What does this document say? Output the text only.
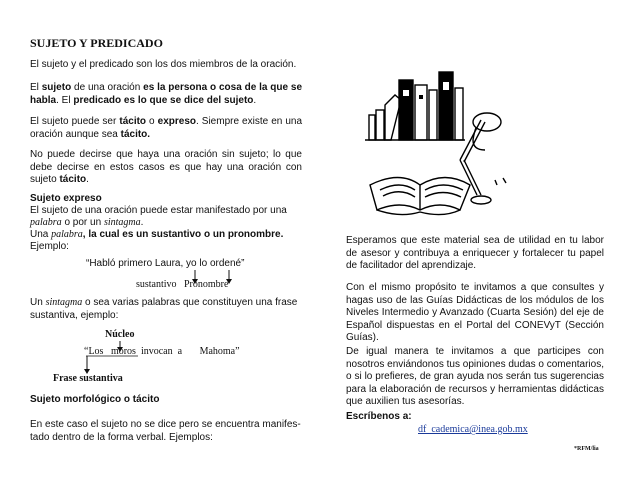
SUJETO Y PREDICADO
El sujeto y el predicado son los dos miembros de la oración.
El sujeto de una oración es la persona o cosa de la que se habla. El predicado es lo que se dice del sujeto.
El sujeto puede ser tácito o expreso. Siempre existe en una oración aunque sea tácito.
No puede decirse que haya una oración sin sujeto; lo que debe decirse en estos casos es que hay una oración con sujeto tácito.
Sujeto expreso
El sujeto de una oración puede estar manifestado por una
palabra o por un sintagma.
Una palabra, la cual es un sustantivo o un pronombre.
Ejemplo:
“Habló primero Laura, yo lo ordené”
sustantivo Pronombre
Un sintagma o sea varias palabras que constituyen una frase sustantiva, ejemplo:
Núcleo
“Los moros invocan a Mahoma”
Frase sustantiva
Sujeto morfológico o tácito
En este caso el sujeto no se dice pero se encuentra manifes-tado dentro de la forma verbal. Ejemplos:
Esperamos que este material sea de utilidad en tu labor de asesor y contribuya a enriquecer y fortalecer tu papel de facilitador del aprendizaje.
Con el mismo propósito te invitamos a que consultes y hagas uso de las Guías Didácticas de los módulos de los Niveles Intermedio y Avanzado (Cuarta Sesión) del eje de Español dispuestas en el Portal del CONEVyT (Sección Guías).
De igual manera te invitamos a que participes con nosotros enviándonos tus opiniones dudas o comentarios, o si lo prefieres, de gran ayuda nos serán tus sugerencias para la elaboración de recursos y herramientas didácticas que auxilien tus asesorías.
Escríbenos a:
df_cademica@inea.gob.mx
*RFM/lia
